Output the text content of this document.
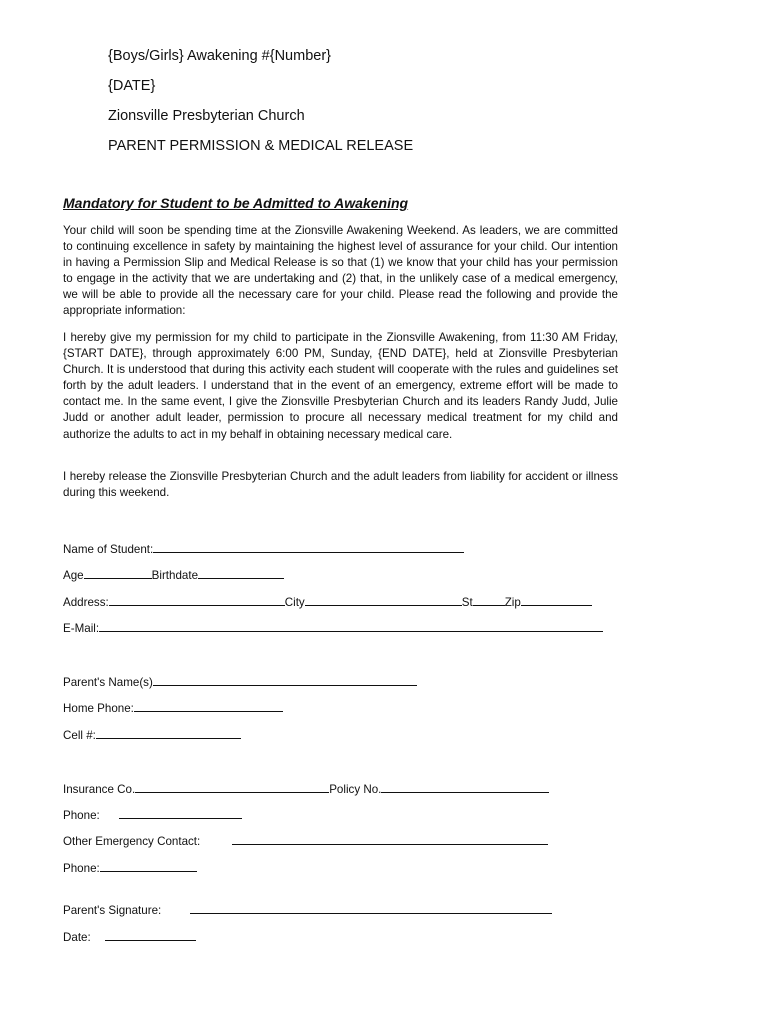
{Boys/Girls} Awakening #{Number}
{DATE}
Zionsville Presbyterian Church
PARENT PERMISSION & MEDICAL RELEASE
Mandatory for Student to be Admitted to Awakening

Your child will soon be spending time at the Zionsville Awakening Weekend. As leaders, we are committed to continuing excellence in safety by maintaining the highest level of assurance for your child. Our intention in having a Permission Slip and Medical Release is so that (1) we know that your child has your permission to engage in the activity that we are undertaking and (2) that, in the unlikely case of a medical emergency, we will be able to provide all the necessary care for your child. Please read the following and provide the appropriate information:

I hereby give my permission for my child to participate in the Zionsville Awakening, from 11:30 AM Friday, {START DATE}, through approximately 6:00 PM, Sunday, {END DATE}, held at Zionsville Presbyterian Church. It is understood that during this activity each student will cooperate with the rules and guidelines set forth by the adult leaders. I understand that in the event of an emergency, extreme effort will be made to contact me. In the same event, I give the Zionsville Presbyterian Church and its leaders Randy Judd, Julie Judd or another adult leader, permission to procure all necessary medical treatment for my child and authorize the adults to act in my behalf in obtaining necessary medical care.

I hereby release the Zionsville Presbyterian Church and the adult leaders from liability for accident or illness during this weekend.

Name of Student:
Age	Birthdate
Address:	City	St	Zip
E-Mail:
Parent's Name(s)
Home Phone:
Cell #:
Insurance Co.	Policy No.
Phone:
Other Emergency Contact:
Phone:
Parent's Signature:
Date:
